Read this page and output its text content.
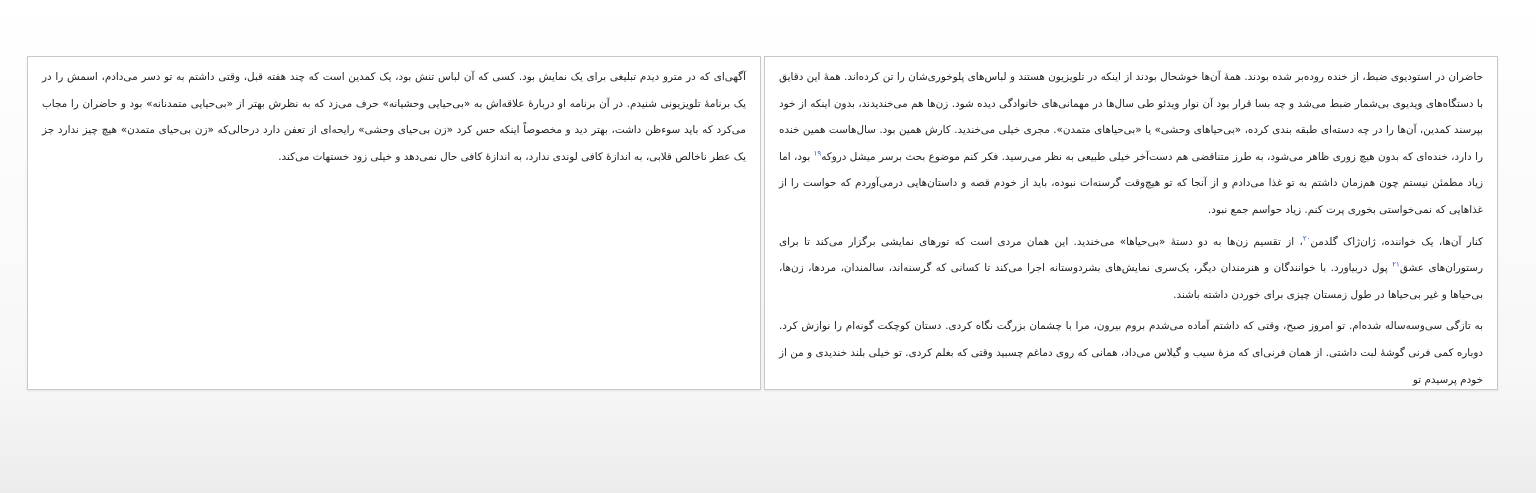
آگهی‌ای که در مترو دیدم تبلیغی برای یک نمایش بود. کسی که آن لباس تنش بود، یک کمدین است که چند هفته قبل، وقتی داشتم به تو دسر می‌دادم، اسمش را در یک برنامهٔ تلویزیونی شنیدم. در آن برنامه او دربارهٔ علاقه‌اش به «بی‌حیایی وحشیانه» حرف می‌زد که به نظرش بهتر از «بی‌حیایی متمدنانه» بود و حاضران را مجاب می‌کرد که باید سوءظن داشت، بهتر دید و مخصوصاً اینکه حس کرد «زن بی‌حیای وحشی» رایحه‌ای از تعفن دارد درحالی‌که «زن بی‌حیای متمدن» هیچ چیز ندارد جز یک عطر ناخالص قلابی، به اندازهٔ کافی لوندی ندارد، به اندازهٔ کافی حال نمی‌دهد و خیلی زود خستهات می‌کند.

حاضران در استودیوی ضبط، از خنده روده‌بر شده بودند. همهٔ آن‌ها خوشحال بودند از اینکه در تلویزیون هستند و لباس‌های پلوخوری‌شان را تن کرده‌اند. همهٔ این دقایق با دستگاه‌های ویدیوی بی‌شمار ضبط می‌شد و چه بسا قرار بود آن نوار ویدئو طی سال‌ها در مهمانی‌های خانوادگی دیده شود. زن‌ها هم می‌خندیدند، بدون اینکه از خود بپرسند کمدین، آن‌ها را در چه دسته‌ای طبقه بندی کرده، «بی‌حیاهای وحشی» یا «بی‌حیاهای متمدن». مجری خیلی می‌خندید. کارش همین بود. سال‌هاست همین خنده را دارد، خنده‌ای که بدون هیچ زوری ظاهر می‌شود، به طرز متناقضی هم دست‌آخر خیلی طبیعی به نظر می‌رسید. فکر کنم موضوع بحث برسر میشل دروکه$^{۱۹}$ بود، اما زیاد مطمئن نیستم چون هم‌زمان داشتم به تو غذا می‌دادم و از آنجا که تو هیچ‌وقت گرسنه‌ات نبوده، باید از خودم قصه و داستان‌هایی درمی‌آوردم که حواست را از غذاهایی که نمی‌خواستی بخوری پرت کنم. زیاد حواسم جمع نبود.

کنار آن‌ها، یک خواننده، ژان‌ژاک گلدمن$^{۲۰}$، از تقسیم زن‌ها به دو دستهٔ «بی‌حیاها» می‌خندید. این همان مردی است که تورهای نمایشی برگزار می‌کند تا برای رستوران‌های عشق$^{۲۱}$ پول دربیاورد. با خوانندگان و هنرمندان دیگر، یک‌سری نمایش‌های بشردوستانه اجرا می‌کند تا کسانی که گرسنه‌اند، سالمندان، مردها، زن‌ها، بی‌حیاها و غیر بی‌حیاها در طول زمستان چیزی برای خوردن داشته باشند.

به تازگی سی‌وسه‌ساله شده‌ام. تو امروز صبح، وقتی که داشتم آماده می‌شدم بروم بیرون، مرا با چشمان بزرگت نگاه کردی. دستان کوچکت گونه‌ام را نوازش کرد. دوباره کمی فرنی گوشهٔ لبت داشتی. از همان فرنی‌ای که مزهٔ سیب و گیلاس می‌داد، همانی که روی دماغم چسبید وقتی که بغلم کردی. تو خیلی بلند خندیدی و من از خودم پرسیدم تو
